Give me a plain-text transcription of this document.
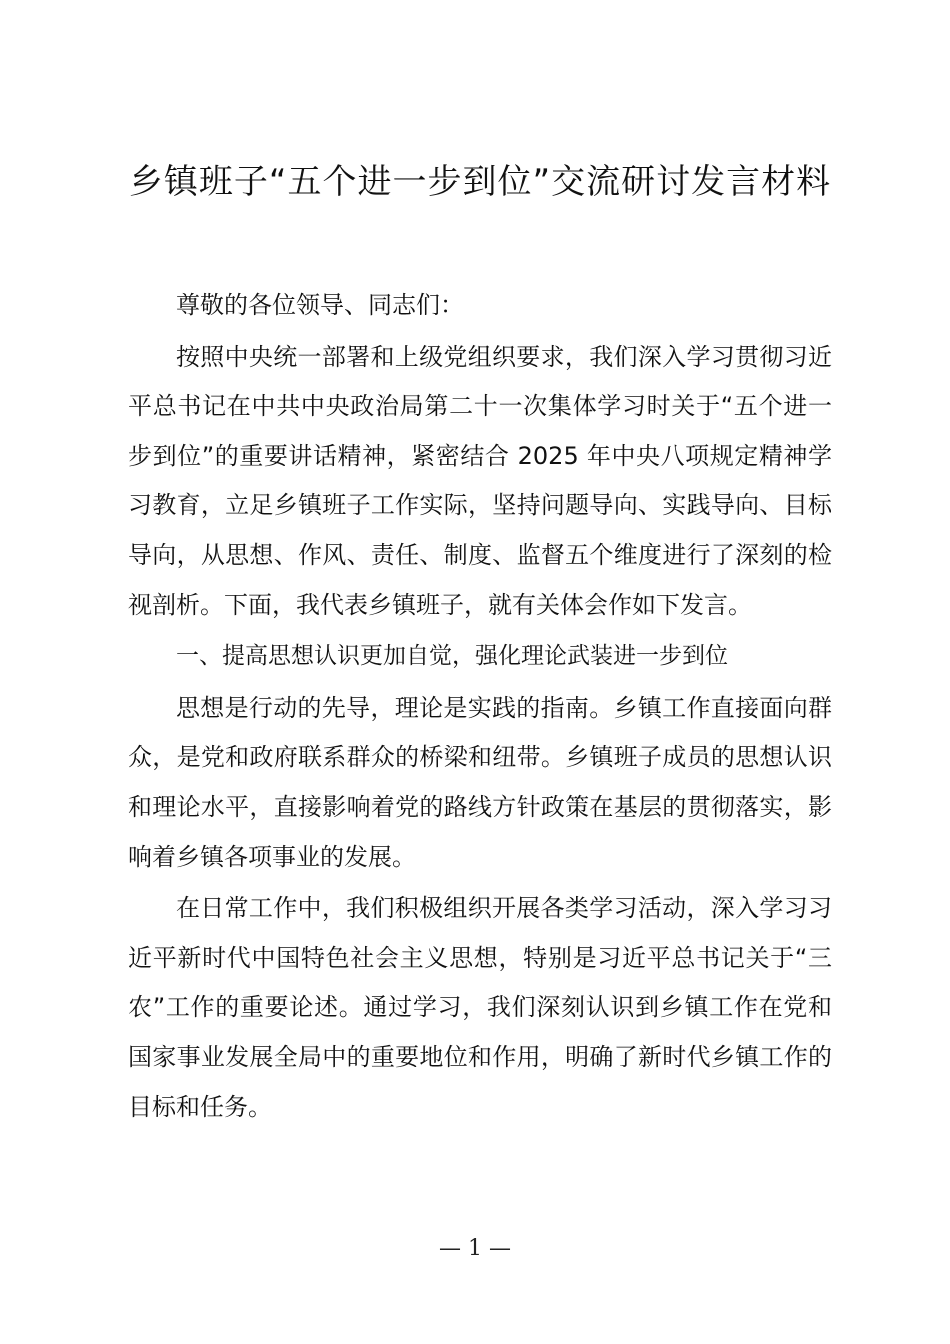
乡镇班子“五个进一步到位”交流研讨发言材料

尊敬的各位领导、同志们：

按照中央统一部署和上级党组织要求，我们深入学习贯彻习近平总书记在中共中央政治局第二十一次集体学习时关于“五个进一步到位”的重要讲话精神，紧密结合 2025 年中央八项规定精神学习教育，立足乡镇班子工作实际，坚持问题导向、实践导向、目标导向，从思想、作风、责任、制度、监督五个维度进行了深刻的检视剖析。下面，我代表乡镇班子，就有关体会作如下发言。

一、提高思想认识更加自觉，强化理论武装进一步到位

思想是行动的先导，理论是实践的指南。乡镇工作直接面向群众，是党和政府联系群众的桥梁和纽带。乡镇班子成员的思想认识和理论水平，直接影响着党的路线方针政策在基层的贯彻落实，影响着乡镇各项事业的发展。

在日常工作中，我们积极组织开展各类学习活动，深入学习习近平新时代中国特色社会主义思想，特别是习近平总书记关于“三农”工作的重要论述。通过学习，我们深刻认识到乡镇工作在党和国家事业发展全局中的重要地位和作用，明确了新时代乡镇工作的目标和任务。

— 1 —
